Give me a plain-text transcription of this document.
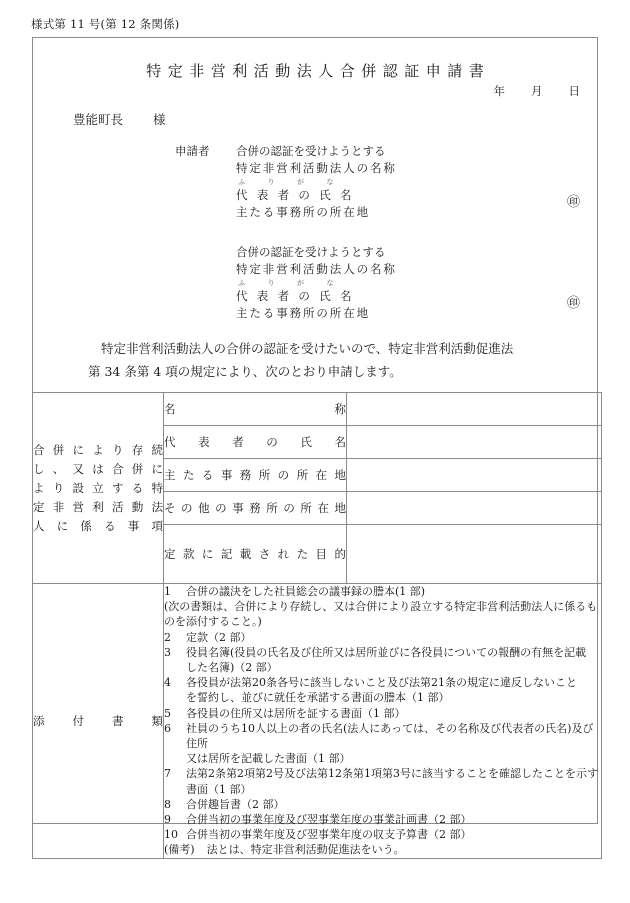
様式第 11 号(第 12 条関係)
特定非営利活動法人合併認証申請書
年 月 日
豊能町長 様
申請者 合併の認証を受けようとする
特定非営利活動法人の名称
ふりがな
代表者の氏名
主たる事務所の所在地
㊞
合併の認証を受けようとする
特定非営利活動法人の名称
ふりがな
代表者の氏名
主たる事務所の所在地
㊞
特定非営利活動法人の合併の認証を受けたいので、特定非営利活動促進法
第 34 条第 4 項の規定により、次のとおり申請します。
合併により存続
し、又は合併に
より設立する特
定非営利活動法
人に係る事項	名称	
	代表者の氏名	
	主たる事務所の所在地	
	その他の事務所の所在地	
	定款に記載された目的	
添付書類	
1	合併の議決をした社員総会の議事録の謄本(1 部)
(次の書類は、合併により存続し、又は合併により設立する特定非営利活動法人に係るも
のを添付すること。)
2	定款（2 部）
3	役員名簿(役員の氏名及び住所又は居所並びに各役員についての報酬の有無を記載
した名簿)（2 部）
4	各役員が法第20条各号に該当しないこと及び法第21条の規定に違反しないこと
を誓約し、並びに就任を承諾する書面の謄本（1 部）
5	各役員の住所又は居所を証する書面（1 部）
6	社員のうち10人以上の者の氏名(法人にあっては、その名称及び代表者の氏名)及び住所
又は居所を記載した書面（1 部）
7	法第2条第2項第2号及び法第12条第1項第3号に該当することを確認したことを示す
書面（1 部）
8	合併趣旨書（2 部）
9	合併当初の事業年度及び翌事業年度の事業計画書（2 部）
10 合併当初の事業年度及び翌事業年度の収支予算書（2 部）
(備考) 法とは、特定非営利活動促進法をいう。
